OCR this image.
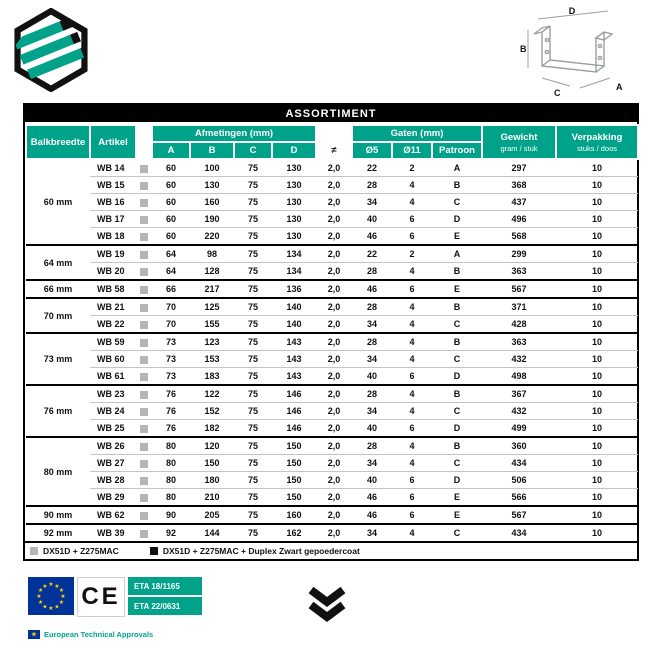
D
B
C
A
ASSORTIMENT
Balkbreedte	Artikel		Afmetingen (mm)					Gaten (mm)			Gewicht
gram / stuk	Verpakking
stuks / doos

			A	B	C	D	≠	Ø5	Ø11	Patroon		
60 mm	WB 14		60	100	75	130	2,0	22	2	A	297	10
	WB 15		60	130	75	130	2,0	28	4	B	368	10
	WB 16		60	160	75	130	2,0	34	4	C	437	10
	WB 17		60	190	75	130	2,0	40	6	D	496	10
	WB 18		60	220	75	130	2,0	46	6	E	568	10
64 mm	WB 19		64	98	75	134	2,0	22	2	A	299	10
	WB 20		64	128	75	134	2,0	28	4	B	363	10
66 mm	WB 58		66	217	75	136	2,0	46	6	E	567	10
70 mm	WB 21		70	125	75	140	2,0	28	4	B	371	10
	WB 22		70	155	75	140	2,0	34	4	C	428	10
73 mm	WB 59		73	123	75	143	2,0	28	4	B	363	10
	WB 60		73	153	75	143	2,0	34	4	C	432	10
	WB 61		73	183	75	143	2,0	40	6	D	498	10
76 mm	WB 23		76	122	75	146	2,0	28	4	B	367	10
	WB 24		76	152	75	146	2,0	34	4	C	432	10
	WB 25		76	182	75	146	2,0	40	6	D	499	10
80 mm	WB 26		80	120	75	150	2,0	28	4	B	360	10
	WB 27		80	150	75	150	2,0	34	4	C	434	10
	WB 28		80	180	75	150	2,0	40	6	D	506	10
	WB 29		80	210	75	150	2,0	46	6	E	566	10
90 mm	WB 62		90	205	75	160	2,0	46	6	E	567	10
92 mm	WB 39		92	144	75	162	2,0	34	4	C	434	10
DX51D + Z275MAC	DX51D + Z275MAC + Duplex Zwart gepoedercoat
★ ★
★
★
★
★
★
★
★
★
★
★ CE	ETA 18/1165
ETA 22/0631
★ European Technical Approvals
